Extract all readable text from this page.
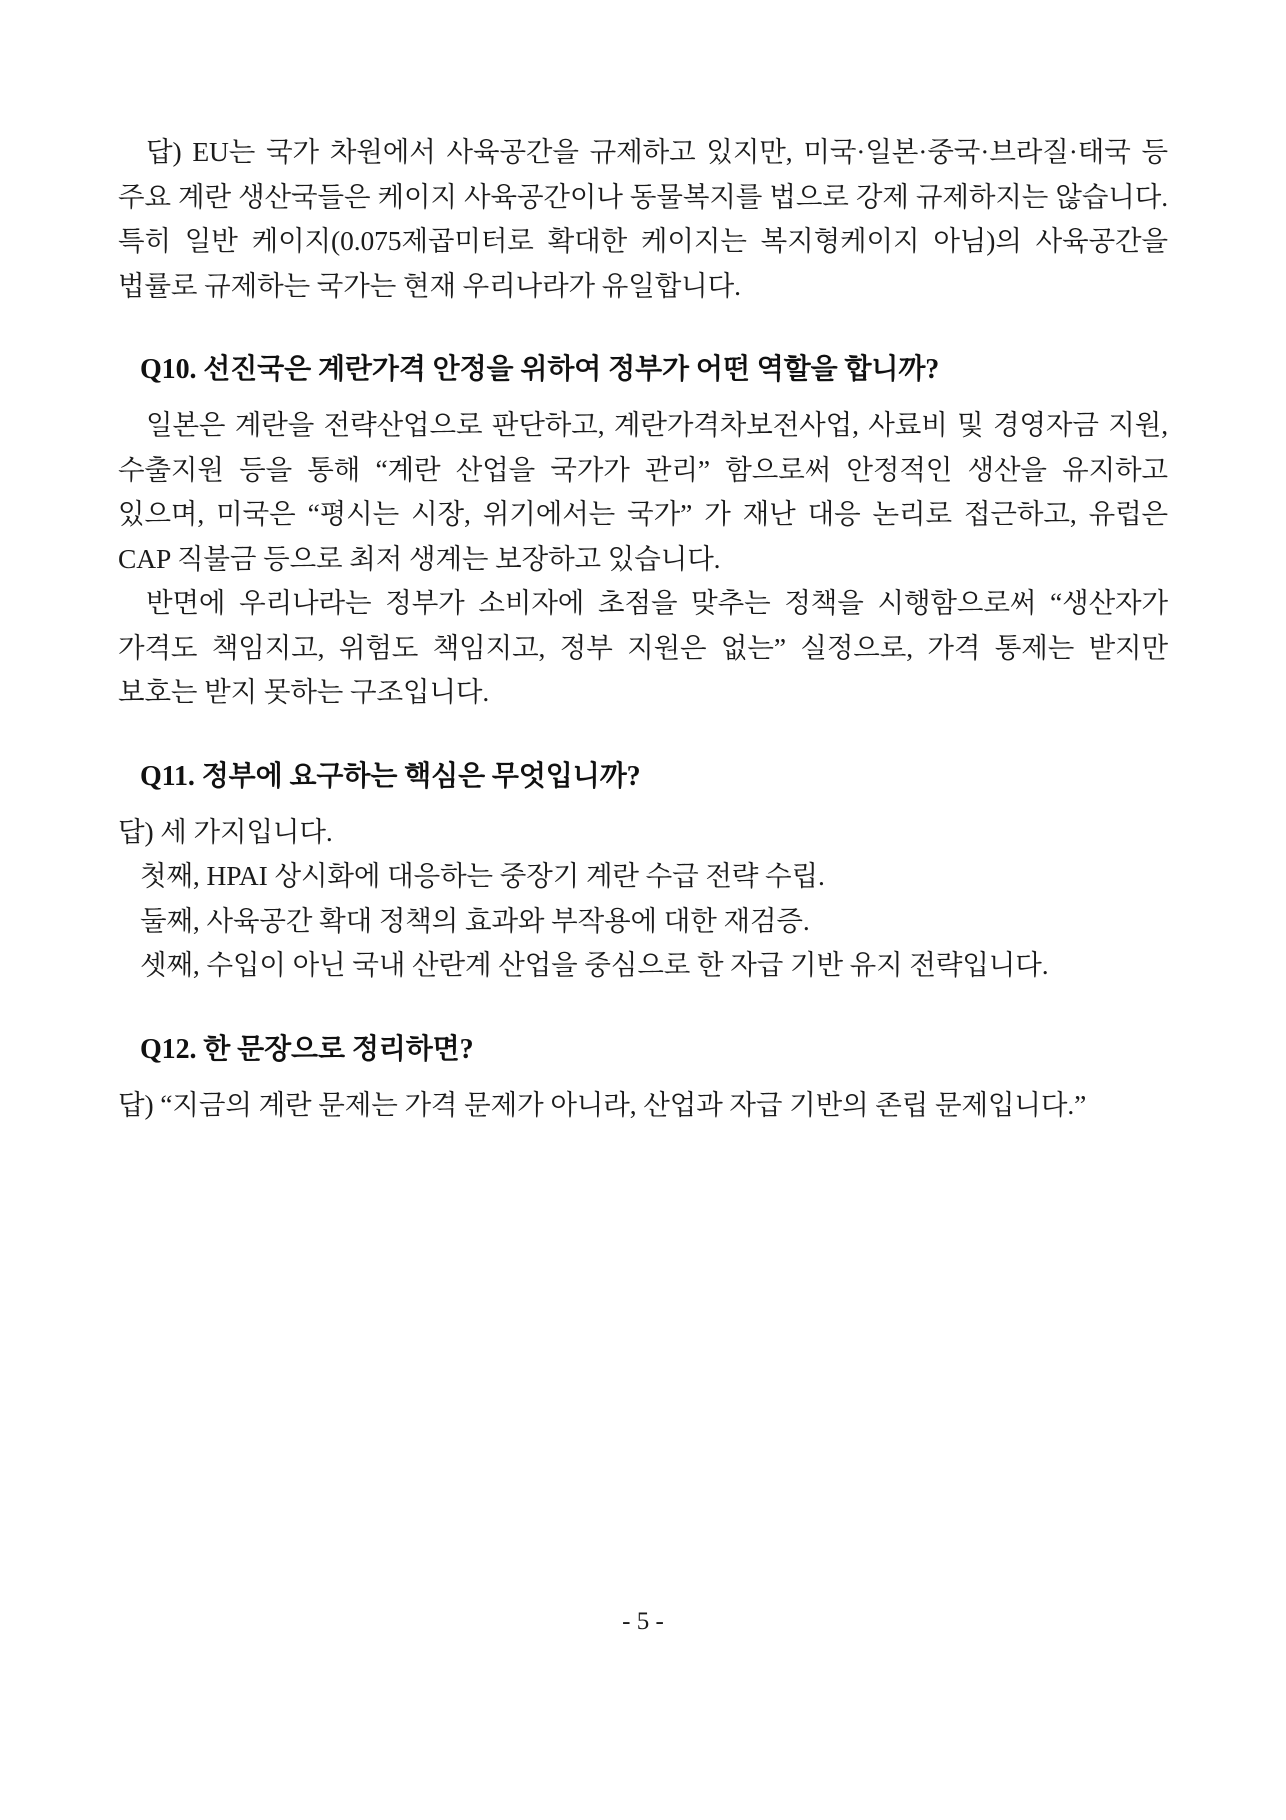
답) EU는 국가 차원에서 사육공간을 규제하고 있지만, 미국·일본·중국·브라질·태국 등 주요 계란 생산국들은 케이지 사육공간이나 동물복지를 법으로 강제 규제하지는 않습니다. 특히 일반 케이지(0.075제곱미터로 확대한 케이지는 복지형케이지 아님)의 사육공간을 법률로 규제하는 국가는 현재 우리나라가 유일합니다.

Q10. 선진국은 계란가격 안정을 위하여 정부가 어떤 역할을 합니까?

일본은 계란을 전략산업으로 판단하고, 계란가격차보전사업, 사료비 및 경영자금 지원, 수출지원 등을 통해 “계란 산업을 국가가 관리” 함으로써 안정적인 생산을 유지하고 있으며, 미국은 “평시는 시장, 위기에서는 국가” 가 재난 대응 논리로 접근하고, 유럽은 CAP 직불금 등으로 최저 생계는 보장하고 있습니다.

반면에 우리나라는 정부가 소비자에 초점을 맞추는 정책을 시행함으로써 “생산자가 가격도 책임지고, 위험도 책임지고, 정부 지원은 없는” 실정으로, 가격 통제는 받지만 보호는 받지 못하는 구조입니다.

Q11. 정부에 요구하는 핵심은 무엇입니까?

답) 세 가지입니다.

첫째, HPAI 상시화에 대응하는 중장기 계란 수급 전략 수립.

둘째, 사육공간 확대 정책의 효과와 부작용에 대한 재검증.

셋째, 수입이 아닌 국내 산란계 산업을 중심으로 한 자급 기반 유지 전략입니다.

Q12. 한 문장으로 정리하면?

답) “지금의 계란 문제는 가격 문제가 아니라, 산업과 자급 기반의 존립 문제입니다.”

- 5 -
